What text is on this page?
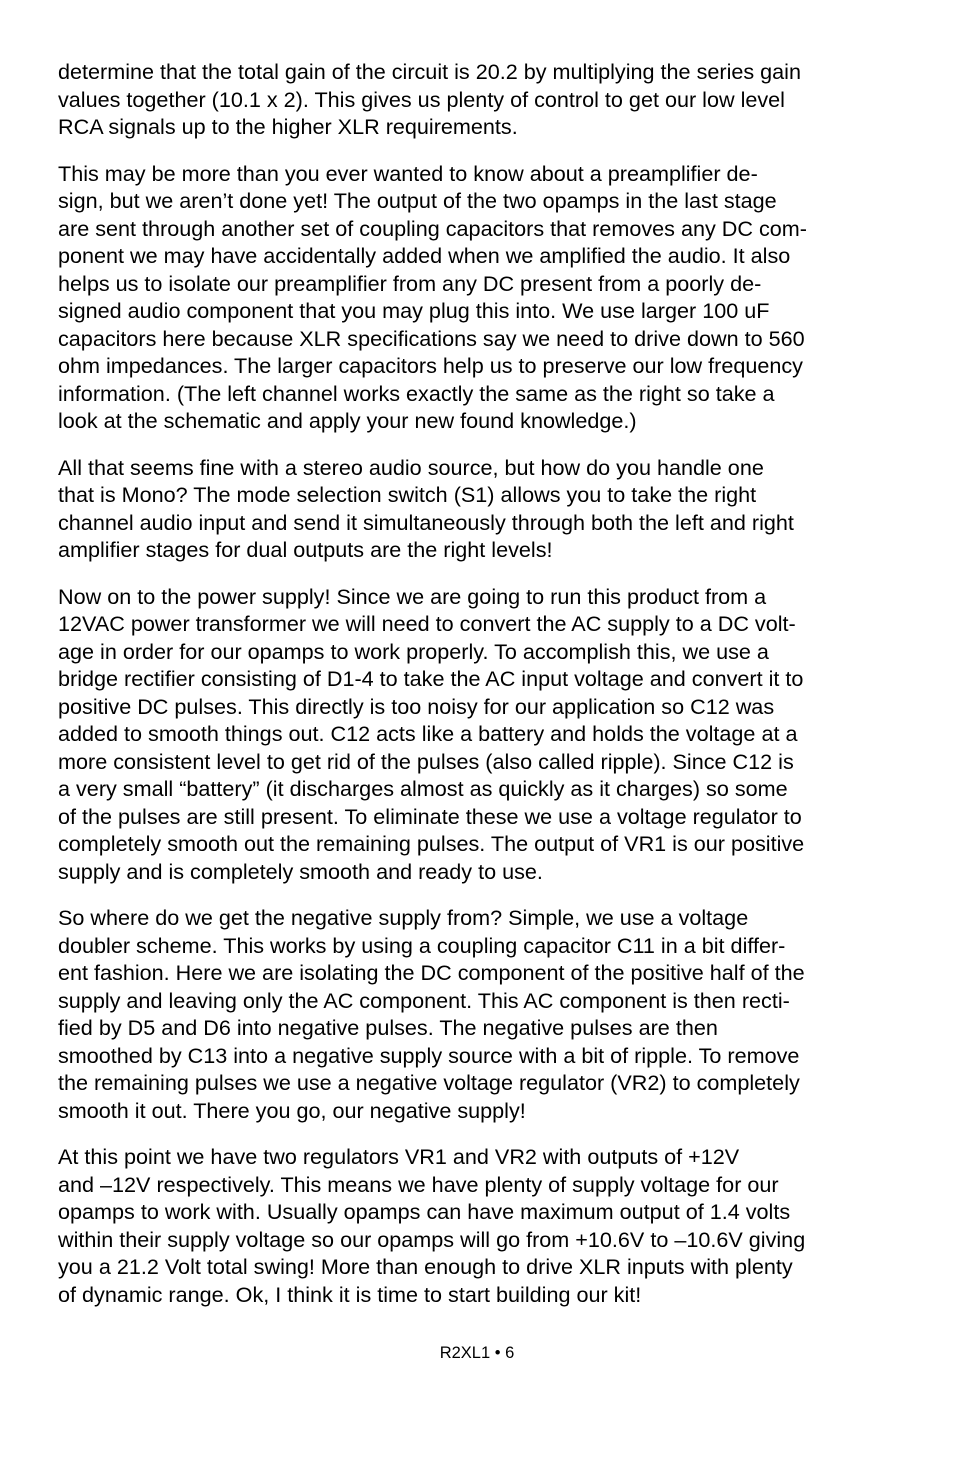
determine that the total gain of the circuit is 20.2 by multiplying the series gain
values together (10.1 x 2). This gives us plenty of control to get our low level
RCA signals up to the higher XLR requirements.

This may be more than you ever wanted to know about a preamplifier de-
sign, but we aren’t done yet! The output of the two opamps in the last stage
are sent through another set of coupling capacitors that removes any DC com-
ponent we may have accidentally added when we amplified the audio. It also
helps us to isolate our preamplifier from any DC present from a poorly de-
signed audio component that you may plug this into. We use larger 100 uF
capacitors here because XLR specifications say we need to drive down to 560
ohm impedances. The larger capacitors help us to preserve our low frequency
information. (The left channel works exactly the same as the right so take a
look at the schematic and apply your new found knowledge.)

All that seems fine with a stereo audio source, but how do you handle one
that is Mono? The mode selection switch (S1) allows you to take the right
channel audio input and send it simultaneously through both the left and right
amplifier stages for dual outputs are the right levels!

Now on to the power supply! Since we are going to run this product from a
12VAC power transformer we will need to convert the AC supply to a DC volt-
age in order for our opamps to work properly. To accomplish this, we use a
bridge rectifier consisting of D1-4 to take the AC input voltage and convert it to
positive DC pulses. This directly is too noisy for our application so C12 was
added to smooth things out. C12 acts like a battery and holds the voltage at a
more consistent level to get rid of the pulses (also called ripple). Since C12 is
a very small “battery” (it discharges almost as quickly as it charges) so some
of the pulses are still present. To eliminate these we use a voltage regulator to
completely smooth out the remaining pulses. The output of VR1 is our positive
supply and is completely smooth and ready to use.

So where do we get the negative supply from? Simple, we use a voltage
doubler scheme. This works by using a coupling capacitor C11 in a bit differ-
ent fashion. Here we are isolating the DC component of the positive half of the
supply and leaving only the AC component. This AC component is then recti-
fied by D5 and D6 into negative pulses. The negative pulses are then
smoothed by C13 into a negative supply source with a bit of ripple. To remove
the remaining pulses we use a negative voltage regulator (VR2) to completely
smooth it out. There you go, our negative supply!

At this point we have two regulators VR1 and VR2 with outputs of +12V
and –12V respectively. This means we have plenty of supply voltage for our
opamps to work with. Usually opamps can have maximum output of 1.4 volts
within their supply voltage so our opamps will go from +10.6V to –10.6V giving
you a 21.2 Volt total swing! More than enough to drive XLR inputs with plenty
of dynamic range. Ok, I think it is time to start building our kit!

R2XL1 • 6
